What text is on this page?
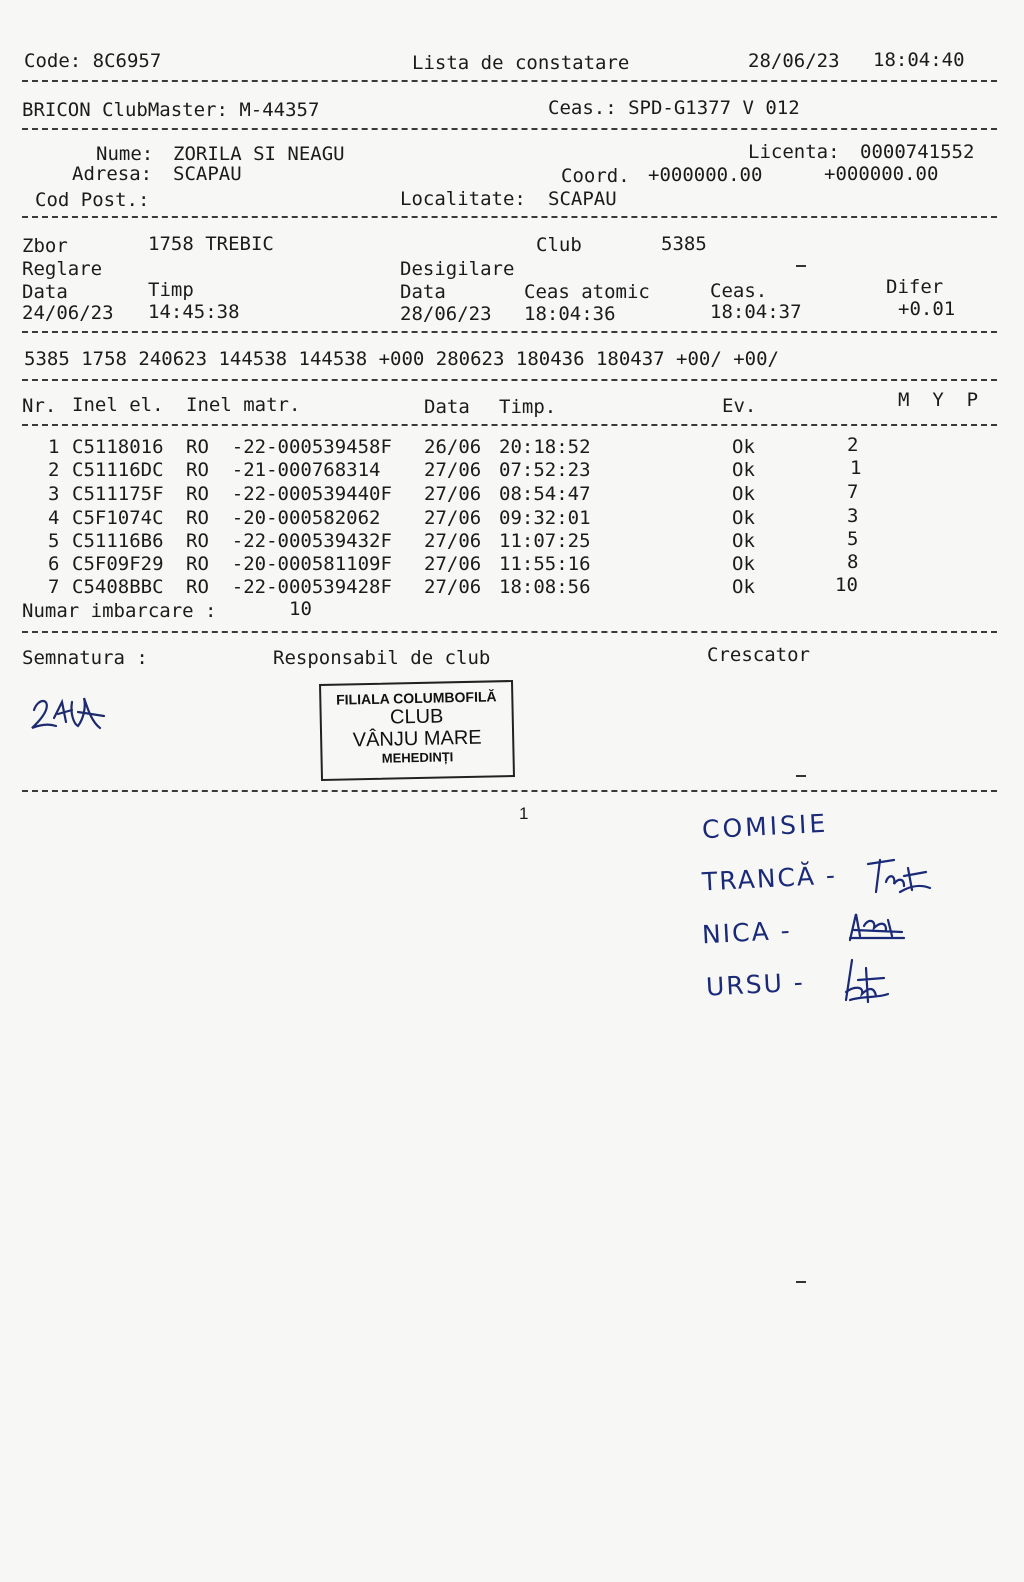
Code: 8C6957	Lista de constatare	28/06/23 18:04:40
BRICON ClubMaster: M-44357	Ceas.: SPD-G1377 V 012
Nume: ZORILA SI NEAGU	Licenta: 0000741552
Adresa: SCAPAU	Coord. +000000.00	+000000.00
Cod Post.:	Localitate: SCAPAU
Zbor	1758 TREBIC	Club	5385
Reglare	Desigilare
Data	Timp	Data	Ceas atomic	Ceas.	Difer
24/06/23 14:45:38	28/06/23 18:04:36	18:04:37	+0.01
5385 1758 240623 144538 144538 +000 280623 180436 180437 +00/ +00/
Nr. Inel el. Inel matr.	Data Timp.	Ev.	M  Y  P
1 C5118016 RO  -22-000539458F 26/06 20:18:52	Ok	2
2 C51116DC RO  -21-000768314 27/06 07:52:23	Ok	1
3 C511175F RO  -22-000539440F 27/06 08:54:47	Ok	7
4 C5F1074C RO  -20-000582062 27/06 09:32:01	Ok	3
5 C51116B6 RO  -22-000539432F 27/06 11:07:25	Ok	5
6 C5F09F29 RO  -20-000581109F 27/06 11:55:16	Ok	8
7 C5408BBC RO  -22-000539428F 27/06 18:08:56	Ok	10
Numar imbarcare :	10
Semnatura :	Responsabil de club	Crescator
FILIALA COLUMBOFILĂ
CLUB
VÂNJU MARE
MEHEDINȚI
1	COMISIE
TRANCĂ -
NICA -
URSU -
